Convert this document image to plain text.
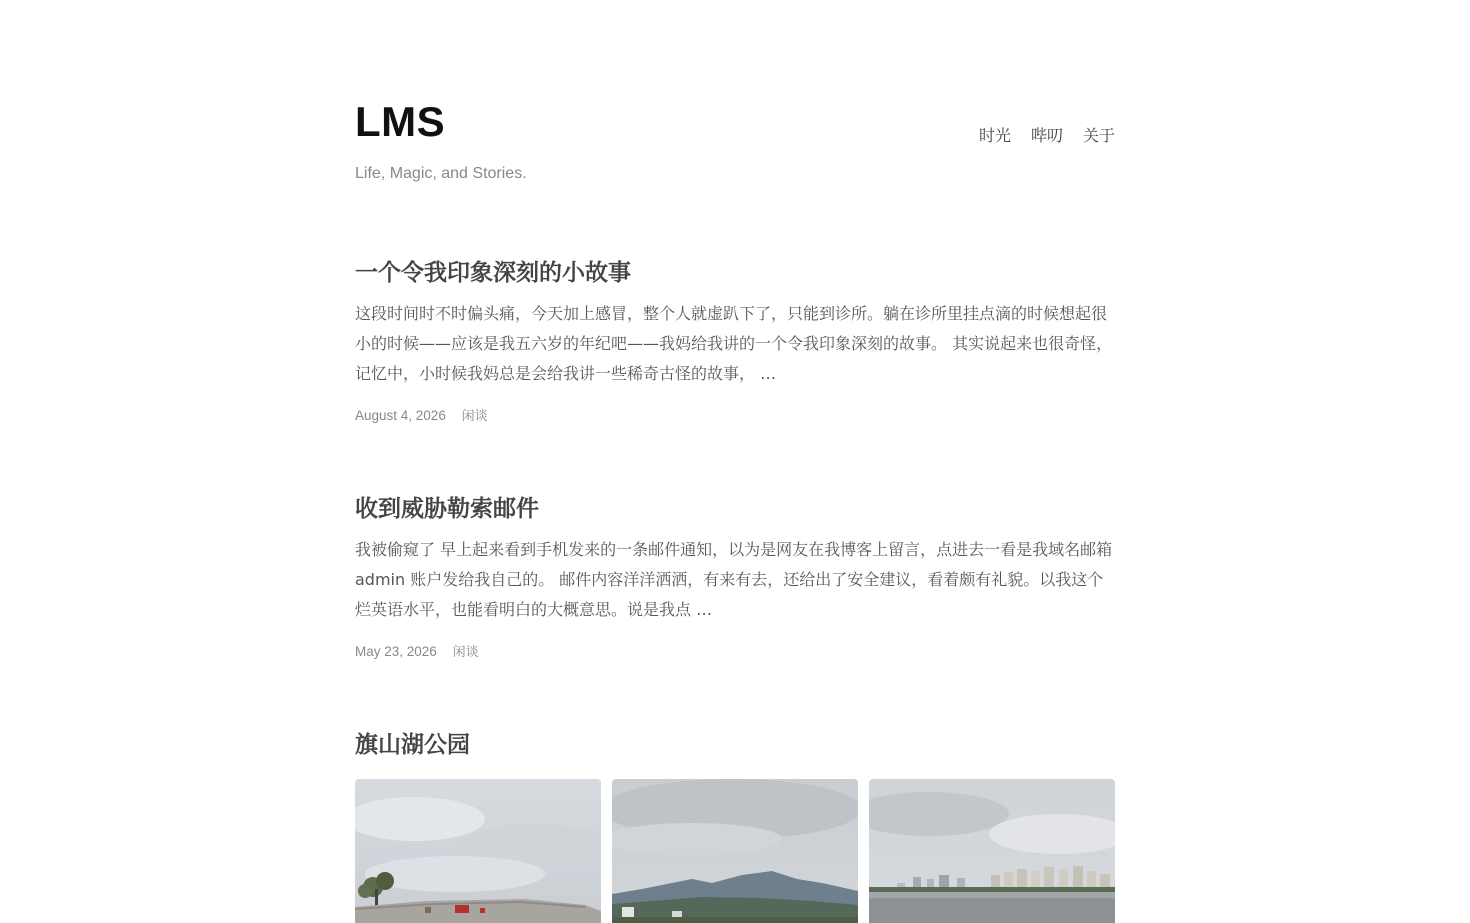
LMS

Life, Magic, and Stories.

时光 哔叨 关于
一个令我印象深刻的小故事

这段时间时不时偏头痛，今天加上感冒，整个人就虚趴下了，只能到诊所。躺在诊所里挂点滴的时候想起很小的时候——应该是我五六岁的年纪吧——我妈给我讲的一个令我印象深刻的故事。 其实说起来也很奇怪，记忆中，小时候我妈总是会给我讲一些稀奇古怪的故事， …

August 4, 2026 闲谈
收到威胁勒索邮件

我被偷窥了 早上起来看到手机发来的一条邮件通知，以为是网友在我博客上留言，点进去一看是我域名邮箱 admin 账户发给我自己的。 邮件内容洋洋洒洒，有来有去，还给出了安全建议，看着颇有礼貌。以我这个烂英语水平，也能看明白的大概意思。说是我点 …

May 23, 2026 闲谈
旗山湖公园
